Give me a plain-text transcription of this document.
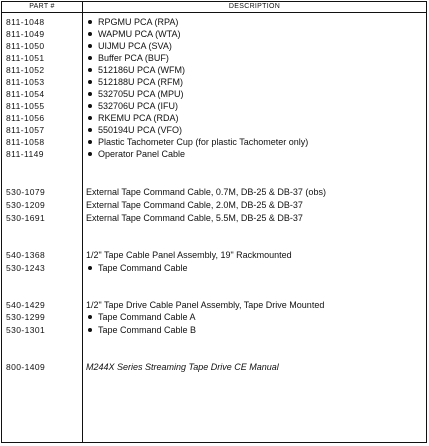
PART #	DESCRIPTION
811-1048	RPGMU PCA (RPA)
811-1049	WAPMU PCA (WTA)
811-1050	UIJMU PCA (SVA)
811-1051	Buffer PCA (BUF)
811-1052	512186U PCA (WFM)
811-1053	512188U PCA (RFM)
811-1054	532705U PCA (MPU)
811-1055	532706U PCA (IFU)
811-1056	RKEMU PCA (RDA)
811-1057	550194U PCA (VFO)
811-1058	Plastic Tachometer Cup (for plastic Tachometer only)
811-1149	Operator Panel Cable
530-1079	External Tape Command Cable, 0.7M, DB-25 & DB-37 (obs)
530-1209	External Tape Command Cable, 2.0M, DB-25 & DB-37
530-1691	External Tape Command Cable, 5.5M, DB-25 & DB-37
540-1368	1/2" Tape Cable Panel Assembly, 19" Rackmounted
530-1243	Tape Command Cable
540-1429	1/2" Tape Drive Cable Panel Assembly, Tape Drive Mounted
530-1299	Tape Command Cable A
530-1301	Tape Command Cable B
800-1409	M244X Series Streaming Tape Drive CE Manual
